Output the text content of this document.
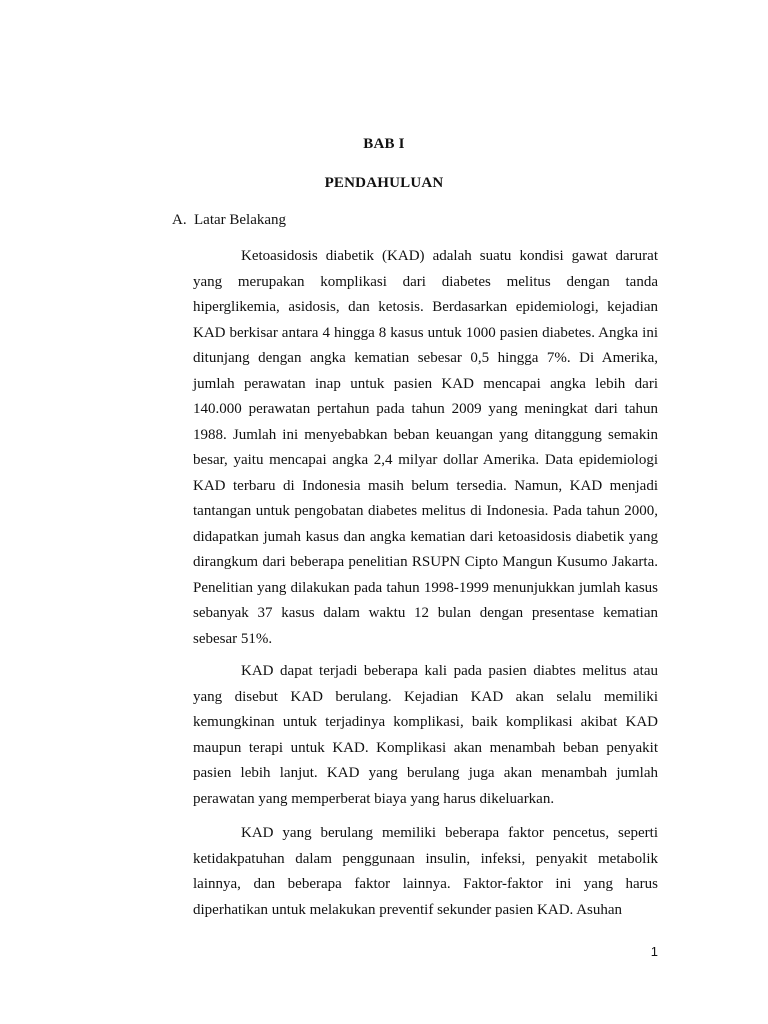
BAB I
PENDAHULUAN
A. Latar Belakang

Ketoasidosis diabetik (KAD) adalah suatu kondisi gawat darurat yang merupakan komplikasi dari diabetes melitus dengan tanda hiperglikemia, asidosis, dan ketosis. Berdasarkan epidemiologi, kejadian KAD berkisar antara 4 hingga 8 kasus untuk 1000 pasien diabetes. Angka ini ditunjang dengan angka kematian sebesar 0,5 hingga 7%. Di Amerika, jumlah perawatan inap untuk pasien KAD mencapai angka lebih dari 140.000 perawatan pertahun pada tahun 2009 yang meningkat dari tahun 1988. Jumlah ini menyebabkan beban keuangan yang ditanggung semakin besar, yaitu mencapai angka 2,4 milyar dollar Amerika. Data epidemiologi KAD terbaru di Indonesia masih belum tersedia. Namun, KAD menjadi tantangan untuk pengobatan diabetes melitus di Indonesia. Pada tahun 2000, didapatkan jumah kasus dan angka kematian dari ketoasidosis diabetik yang dirangkum dari beberapa penelitian RSUPN Cipto Mangun Kusumo Jakarta. Penelitian yang dilakukan pada tahun 1998-1999 menunjukkan jumlah kasus sebanyak 37 kasus dalam waktu 12 bulan dengan presentase kematian sebesar 51%.

KAD dapat terjadi beberapa kali pada pasien diabtes melitus atau yang disebut KAD berulang. Kejadian KAD akan selalu memiliki kemungkinan untuk terjadinya komplikasi, baik komplikasi akibat KAD maupun terapi untuk KAD. Komplikasi akan menambah beban penyakit pasien lebih lanjut. KAD yang berulang juga akan menambah jumlah perawatan yang memperberat biaya yang harus dikeluarkan.

KAD yang berulang memiliki beberapa faktor pencetus, seperti ketidakpatuhan dalam penggunaan insulin, infeksi, penyakit metabolik lainnya, dan beberapa faktor lainnya. Faktor-faktor ini yang harus diperhatikan untuk melakukan preventif sekunder pasien KAD. Asuhan

1
